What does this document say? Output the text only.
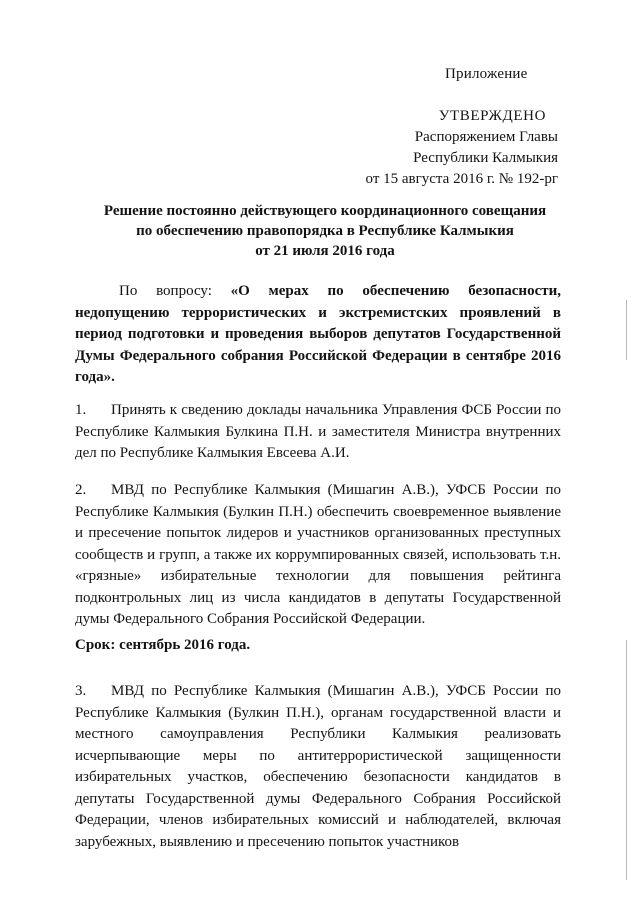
Приложение
УТВЕРЖДЕНО
Распоряжением Главы
Республики Калмыкия
от 15 августа 2016 г. № 192-рг
Решение постоянно действующего координационного совещания
по обеспечению правопорядка в Республике Калмыкия
от 21 июля 2016 года
По вопросу: «О мерах по обеспечению безопасности, недопущению террористических и экстремистских проявлений в период подготовки и проведения выборов депутатов Государственной Думы Федерального собрания Российской Федерации в сентябре 2016 года».
1. Принять к сведению доклады начальника Управления ФСБ России по Республике Калмыкия Булкина П.Н. и заместителя Министра внутренних дел по Республике Калмыкия Евсеева А.И.
2. МВД по Республике Калмыкия (Мишагин А.В.), УФСБ России по Республике Калмыкия (Булкин П.Н.) обеспечить своевременное выявление и пресечение попыток лидеров и участников организованных преступных сообществ и групп, а также их коррумпированных связей, использовать т.н. «грязные» избирательные технологии для повышения рейтинга подконтрольных лиц из числа кандидатов в депутаты Государственной думы Федерального Собрания Российской Федерации.
Срок: сентябрь 2016 года.
3. МВД по Республике Калмыкия (Мишагин А.В.), УФСБ России по Республике Калмыкия (Булкин П.Н.), органам государственной власти и местного самоуправления Республики Калмыкия реализовать исчерпывающие меры по антитеррористической защищенности избирательных участков, обеспечению безопасности кандидатов в депутаты Государственной думы Федерального Собрания Российской Федерации, членов избирательных комиссий и наблюдателей, включая зарубежных, выявлению и пресечению попыток участников
